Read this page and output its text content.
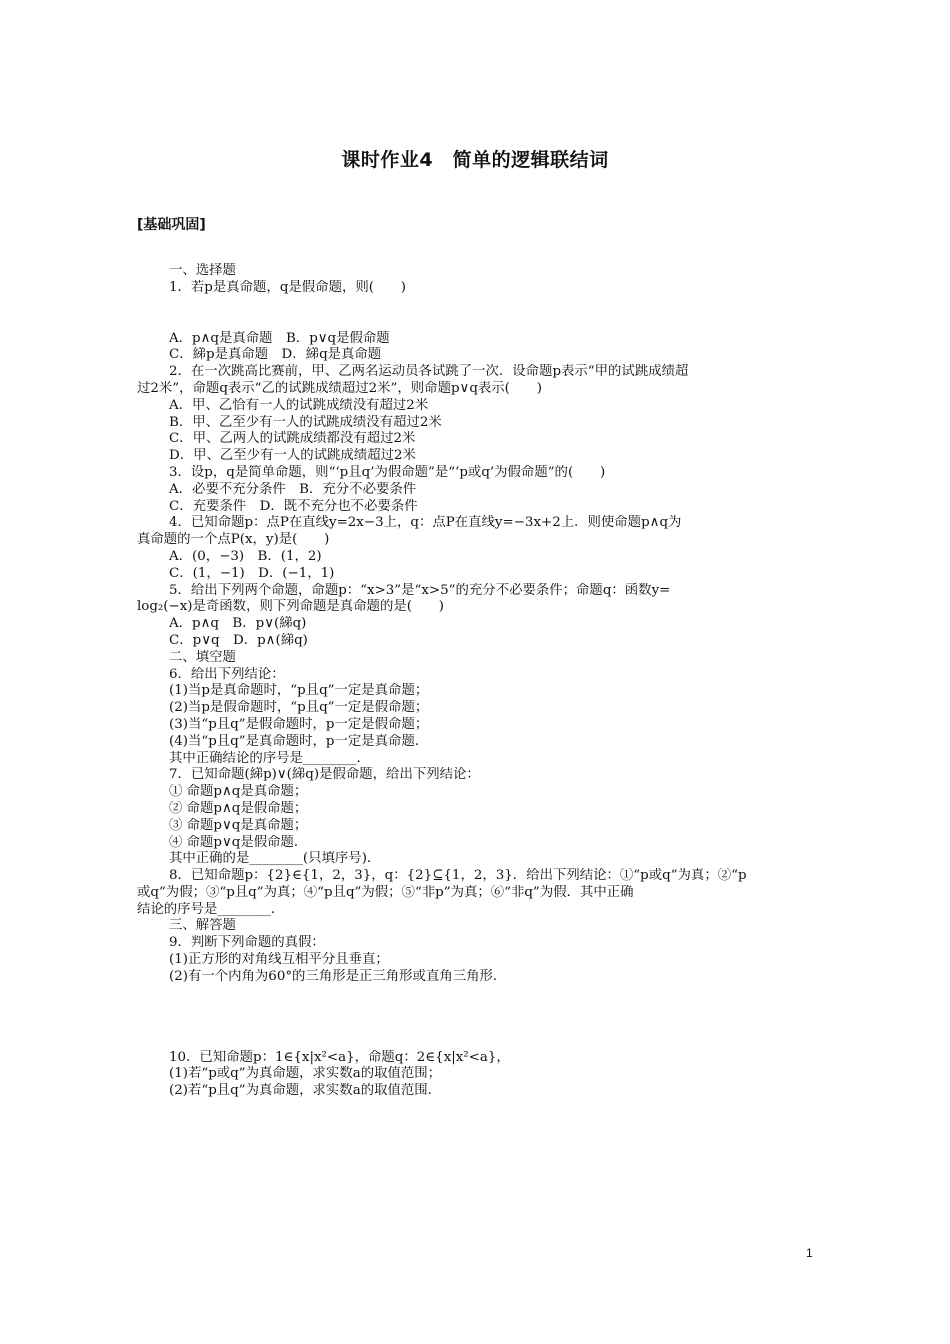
课时作业4　简单的逻辑联结词
[基础巩固]
一、选择题
1．若p是真命题，q是假命题，则(　　)
A．p∧q是真命题　B．p∨q是假命题
C．綈p是真命题　D．綈q是真命题
2．在一次跳高比赛前，甲、乙两名运动员各试跳了一次．设命题p表示“甲的试跳成绩超
过2米”，命题q表示“乙的试跳成绩超过2米”，则命题p∨q表示(　　)
A．甲、乙恰有一人的试跳成绩没有超过2米
B．甲、乙至少有一人的试跳成绩没有超过2米
C．甲、乙两人的试跳成绩都没有超过2米
D．甲、乙至少有一人的试跳成绩超过2米
3．设p，q是简单命题，则“‘p且q’为假命题”是“‘p或q’为假命题”的(　　)
A．必要不充分条件　B．充分不必要条件
C．充要条件　D．既不充分也不必要条件
4．已知命题p：点P在直线y=2x−3上，q：点P在直线y=−3x+2上．则使命题p∧q为
真命题的一个点P(x，y)是(　　)
A．(0，−3)　B．(1，2)
C．(1，−1)　D．(−1，1)
5．给出下列两个命题，命题p：“x>3”是“x>5”的充分不必要条件；命题q：函数y=
log₂(−x)是奇函数，则下列命题是真命题的是(　　)
A．p∧q　B．p∨(綈q)
C．p∨q　D．p∧(綈q)
二、填空题
6．给出下列结论：
(1)当p是真命题时，“p且q”一定是真命题；
(2)当p是假命题时，“p且q”一定是假命题；
(3)当“p且q”是假命题时，p一定是假命题；
(4)当“p且q”是真命题时，p一定是真命题．
其中正确结论的序号是________．
7．已知命题(綈p)∨(綈q)是假命题，给出下列结论：
① 命题p∧q是真命题；
② 命题p∧q是假命题；
③ 命题p∨q是真命题；
④ 命题p∨q是假命题．
其中正确的是________(只填序号)．
8．已知命题p：{2}∈{1，2，3}，q：{2}⊆{1，2，3}．给出下列结论：①“p或q”为真；②“p
或q”为假；③“p且q”为真；④“p且q”为假；⑤“非p”为真；⑥“非q”为假．其中正确
结论的序号是________．
三、解答题
9．判断下列命题的真假：
(1)正方形的对角线互相平分且垂直；
(2)有一个内角为60°的三角形是正三角形或直角三角形．
10．已知命题p：1∈{x|x²<a}，命题q：2∈{x|x²<a}，
(1)若“p或q”为真命题，求实数a的取值范围；
(2)若“p且q”为真命题，求实数a的取值范围．
1
